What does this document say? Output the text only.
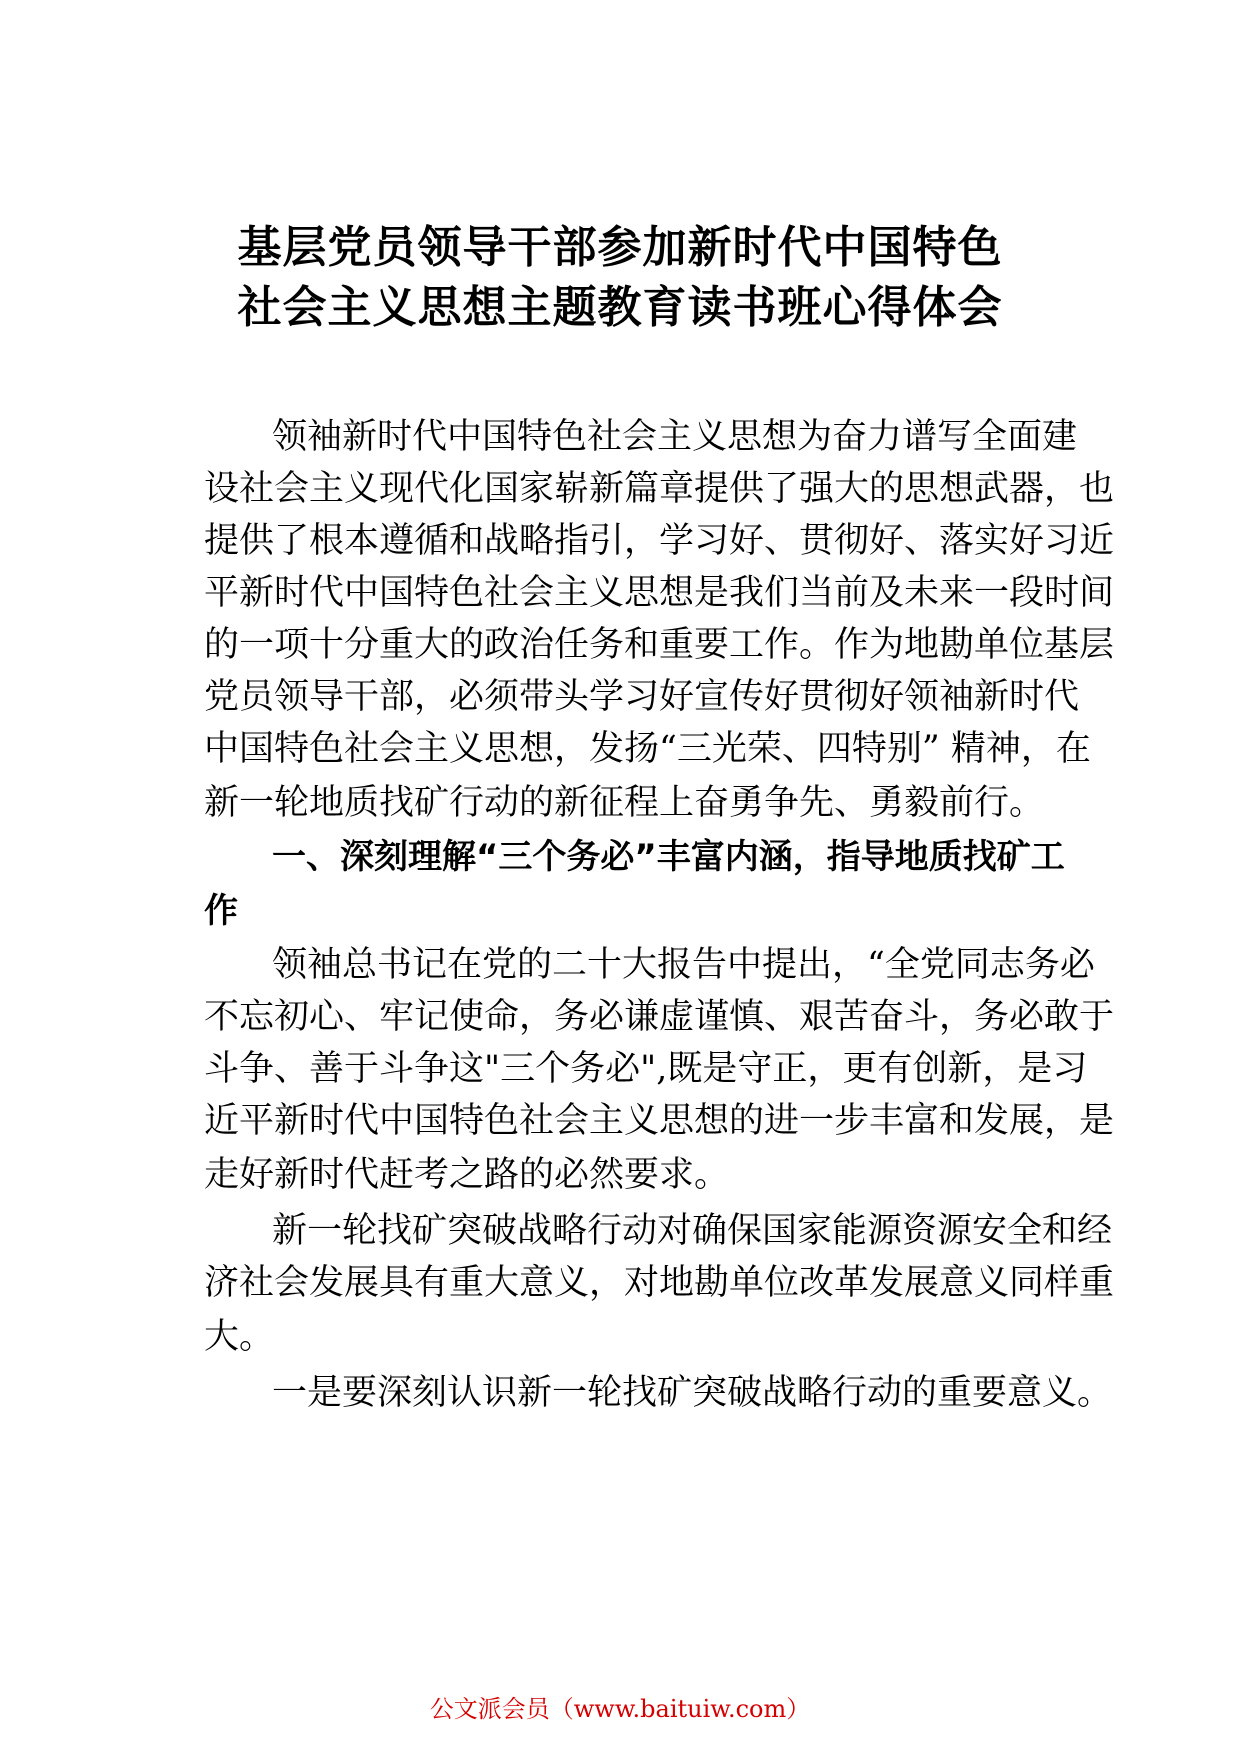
基层党员领导干部参加新时代中国特色
社会主义思想主题教育读书班心得体会

领袖新时代中国特色社会主义思想为奋力谱写全面建

设社会主义现代化国家崭新篇章提供了强大的思想武器，也

提供了根本遵循和战略指引，学习好、贯彻好、落实好习近

平新时代中国特色社会主义思想是我们当前及未来一段时间

的一项十分重大的政治任务和重要工作。作为地勘单位基层

党员领导干部，必须带头学习好宣传好贯彻好领袖新时代

中国特色社会主义思想，发扬“三光荣、四特别” 精神，在

新一轮地质找矿行动的新征程上奋勇争先、勇毅前行。

一、深刻理解“三个务必”丰富内涵，指导地质找矿工

作

领袖总书记在党的二十大报告中提出，“全党同志务必

不忘初心、牢记使命，务必谦虚谨慎、艰苦奋斗，务必敢于

斗争、善于斗争这"三个务必",既是守正，更有创新，是习

近平新时代中国特色社会主义思想的进一步丰富和发展，是

走好新时代赶考之路的必然要求。

新一轮找矿突破战略行动对确保国家能源资源安全和经

济社会发展具有重大意义，对地勘单位改革发展意义同样重

大。

一是要深刻认识新一轮找矿突破战略行动的重要意义。

公文派会员（www.baituiw.com）
